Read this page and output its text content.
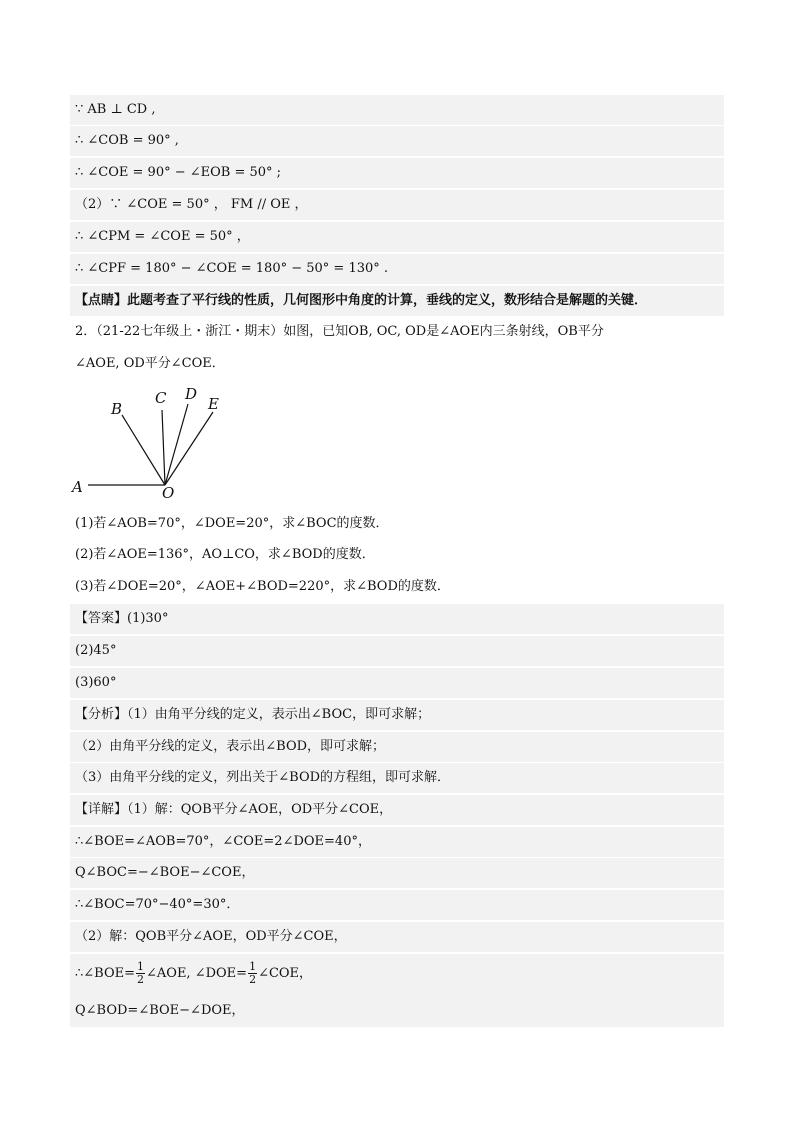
∵ AB ⊥ CD ,
∴ ∠COB = 90° ,
∴ ∠COE = 90° − ∠EOB = 50° ;
（2）∵ ∠COE = 50° ， FM // OE ，
∴ ∠CPM = ∠COE = 50° ，
∴ ∠CPF = 180° − ∠COE = 180° − 50° = 130° .
【点睛】此题考查了平行线的性质，几何图形中角度的计算，垂线的定义，数形结合是解题的关键．
2．（21-22七年级上・浙江・期末）如图，已知OB, OC, OD是∠AOE内三条射线，OB平分
∠AOE, OD平分∠COE．
A
B
C D
E
O
(1)若∠AOB=70°，∠DOE=20°，求∠BOC的度数．
(2)若∠AOE=136°，AO⊥CO，求∠BOD的度数．
(3)若∠DOE=20°，∠AOE+∠BOD=220°，求∠BOD的度数．
【答案】(1)30°
(2)45°
(3)60°
【分析】（1）由角平分线的定义，表示出∠BOC，即可求解；
（2）由角平分线的定义，表示出∠BOD，即可求解；
（3）由角平分线的定义，列出关于∠BOD的方程组，即可求解．
【详解】（1）解：QOB平分∠AOE，OD平分∠COE，
∴∠BOE=∠AOB=70°，∠COE=2∠DOE=40°，
Q∠BOC=−∠BOE−∠COE，
∴∠BOC=70°−40°=30°．
（2）解：QOB平分∠AOE，OD平分∠COE，
∴∠BOE= $\frac{1}{2}$ ∠AOE, ∠DOE= $\frac{1}{2}$ ∠COE，
Q∠BOD=∠BOE−∠DOE，
